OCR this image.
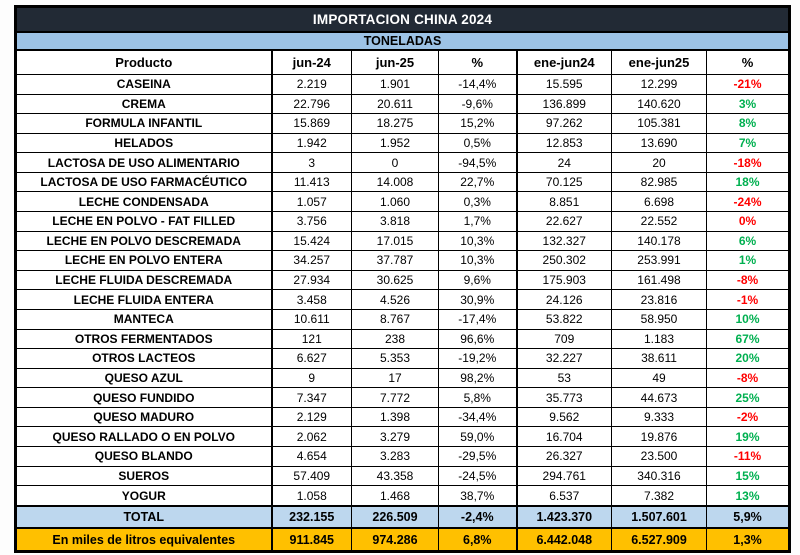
IMPORTACION CHINA 2024						
TONELADAS						
Producto	jun-24	jun-25	%	ene-jun24	ene-jun25	%
CASEINA	2.219	1.901	-14,4%	15.595	12.299	-21%
CREMA	22.796	20.611	-9,6%	136.899	140.620	3%
FORMULA INFANTIL	15.869	18.275	15,2%	97.262	105.381	8%
HELADOS	1.942	1.952	0,5%	12.853	13.690	7%
LACTOSA DE USO ALIMENTARIO	3	0	-94,5%	24	20	-18%
LACTOSA DE USO FARMACÉUTICO	11.413	14.008	22,7%	70.125	82.985	18%
LECHE CONDENSADA	1.057	1.060	0,3%	8.851	6.698	-24%
LECHE EN POLVO - FAT FILLED	3.756	3.818	1,7%	22.627	22.552	0%
LECHE EN POLVO DESCREMADA	15.424	17.015	10,3%	132.327	140.178	6%
LECHE EN POLVO ENTERA	34.257	37.787	10,3%	250.302	253.991	1%
LECHE FLUIDA DESCREMADA	27.934	30.625	9,6%	175.903	161.498	-8%
LECHE FLUIDA ENTERA	3.458	4.526	30,9%	24.126	23.816	-1%
MANTECA	10.611	8.767	-17,4%	53.822	58.950	10%
OTROS FERMENTADOS	121	238	96,6%	709	1.183	67%
OTROS LACTEOS	6.627	5.353	-19,2%	32.227	38.611	20%
QUESO AZUL	9	17	98,2%	53	49	-8%
QUESO FUNDIDO	7.347	7.772	5,8%	35.773	44.673	25%
QUESO MADURO	2.129	1.398	-34,4%	9.562	9.333	-2%
QUESO RALLADO O EN POLVO	2.062	3.279	59,0%	16.704	19.876	19%
QUESO BLANDO	4.654	3.283	-29,5%	26.327	23.500	-11%
SUEROS	57.409	43.358	-24,5%	294.761	340.316	15%
YOGUR	1.058	1.468	38,7%	6.537	7.382	13%
TOTAL	232.155	226.509	-2,4%	1.423.370	1.507.601	5,9%
En miles de litros equivalentes	911.845	974.286	6,8%	6.442.048	6.527.909	1,3%
